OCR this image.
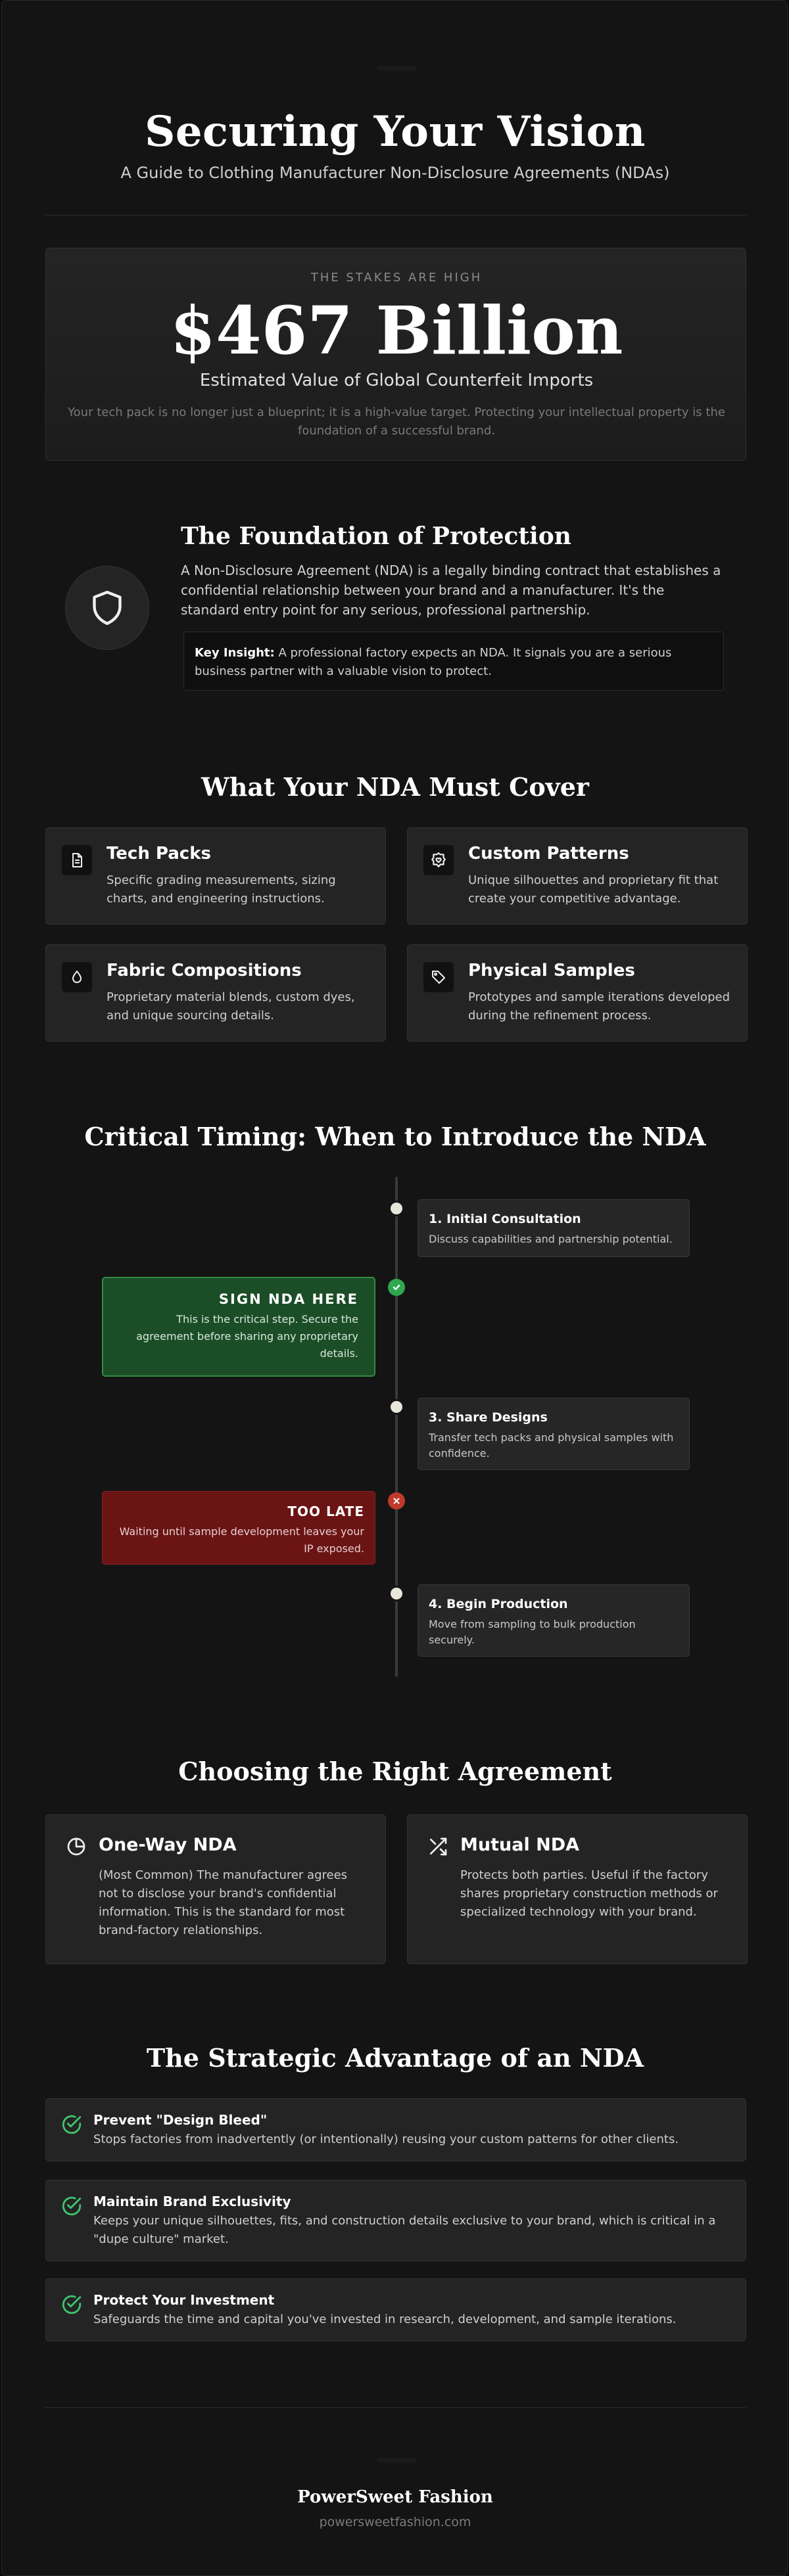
Securing Your Vision
A Guide to Clothing Manufacturer Non-Disclosure Agreements (NDAs)
THE STAKES ARE HIGH
$467 Billion
Estimated Value of Global Counterfeit Imports
Your tech pack is no longer just a blueprint; it is a high-value target. Protecting your intellectual property is the foundation of a successful brand.
The Foundation of Protection
A Non-Disclosure Agreement (NDA) is a legally binding contract that establishes a confidential relationship between your brand and a manufacturer. It's the standard entry point for any serious, professional partnership.
Key Insight: A professional factory expects an NDA. It signals you are a serious business partner with a valuable vision to protect.
What Your NDA Must Cover
Tech Packs
Specific grading measurements, sizing charts, and engineering instructions.
Custom Patterns
Unique silhouettes and proprietary fit that create your competitive advantage.
Fabric Compositions
Proprietary material blends, custom dyes, and unique sourcing details.
Physical Samples
Prototypes and sample iterations developed during the refinement process.
Critical Timing: When to Introduce the NDA
1. Initial Consultation

Discuss capabilities and partnership potential.

SIGN NDA HERE

This is the critical step. Secure the agreement before sharing any proprietary details.

3. Share Designs

Transfer tech packs and physical samples with confidence.

TOO LATE

Waiting until sample development leaves your IP exposed.

4. Begin Production

Move from sampling to bulk production securely.

Choosing the Right Agreement
One-Way NDA
(Most Common) The manufacturer agrees not to disclose your brand's confidential information. This is the standard for most brand-factory relationships.
Mutual NDA
Protects both parties. Useful if the factory shares proprietary construction methods or specialized technology with your brand.
The Strategic Advantage of an NDA
Prevent "Design Bleed"
Stops factories from inadvertently (or intentionally) reusing your custom patterns for other clients.
Maintain Brand Exclusivity
Keeps your unique silhouettes, fits, and construction details exclusive to your brand, which is critical in a "dupe culture" market.
Protect Your Investment
Safeguards the time and capital you've invested in research, development, and sample iterations.
PowerSweet Fashion
powersweetfashion.com
